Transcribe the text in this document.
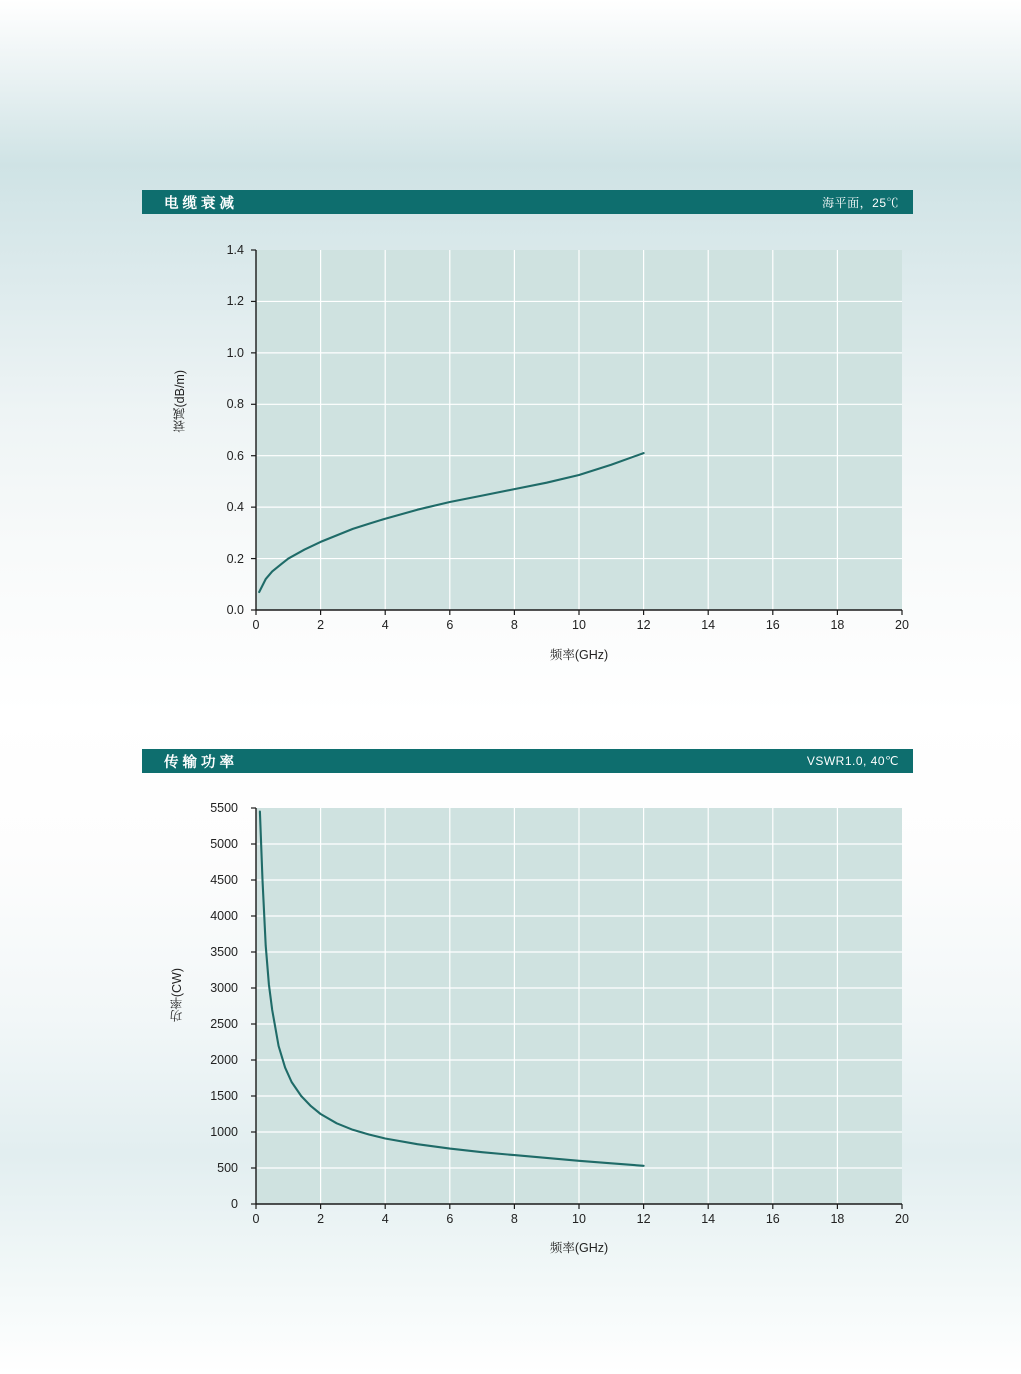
电缆衰减	海平面，25℃
0.0
0.2
0.4
0.6
0.8
1.0
1.2
1.4
0	2	4	6	8	10	12	14	16	18	20
频率(GHz)
衰减(dB/m)
传输功率	VSWR1.0, 40℃
0
500
1000
1500
2000
2500
3000
3500
4000
4500
5000
5500
0	2	4	6	8	10	12	14	16	18	20
频率(GHz)
功率(CW)
